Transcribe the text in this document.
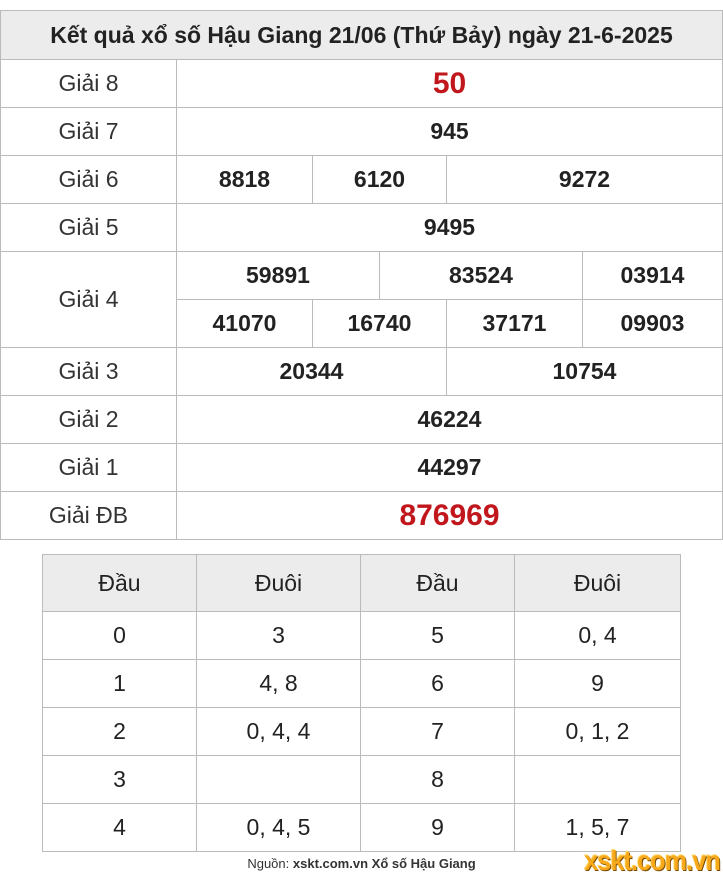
Kết quả xổ số Hậu Giang 21/06 (Thứ Bảy) ngày 21-6-2025					
Giải 8	50				
Giải 7	945				
Giải 6	8818	6120		9272	
Giải 5	9495				
Giải 4	59891		83524		03914
	41070	16740		37171	09903
Giải 3	20344			10754	
Giải 2	46224				
Giải 1	44297				
Giải ĐB	876969				
Đầu	Đuôi	Đầu	Đuôi
0	3	5	0, 4
1	4, 8	6	9
2	0, 4, 4	7	0, 1, 2
3		8	
4	0, 4, 5	9	1, 5, 7
Nguồn: xskt.com.vn Xổ số Hậu Giang	xskt.com.vn
